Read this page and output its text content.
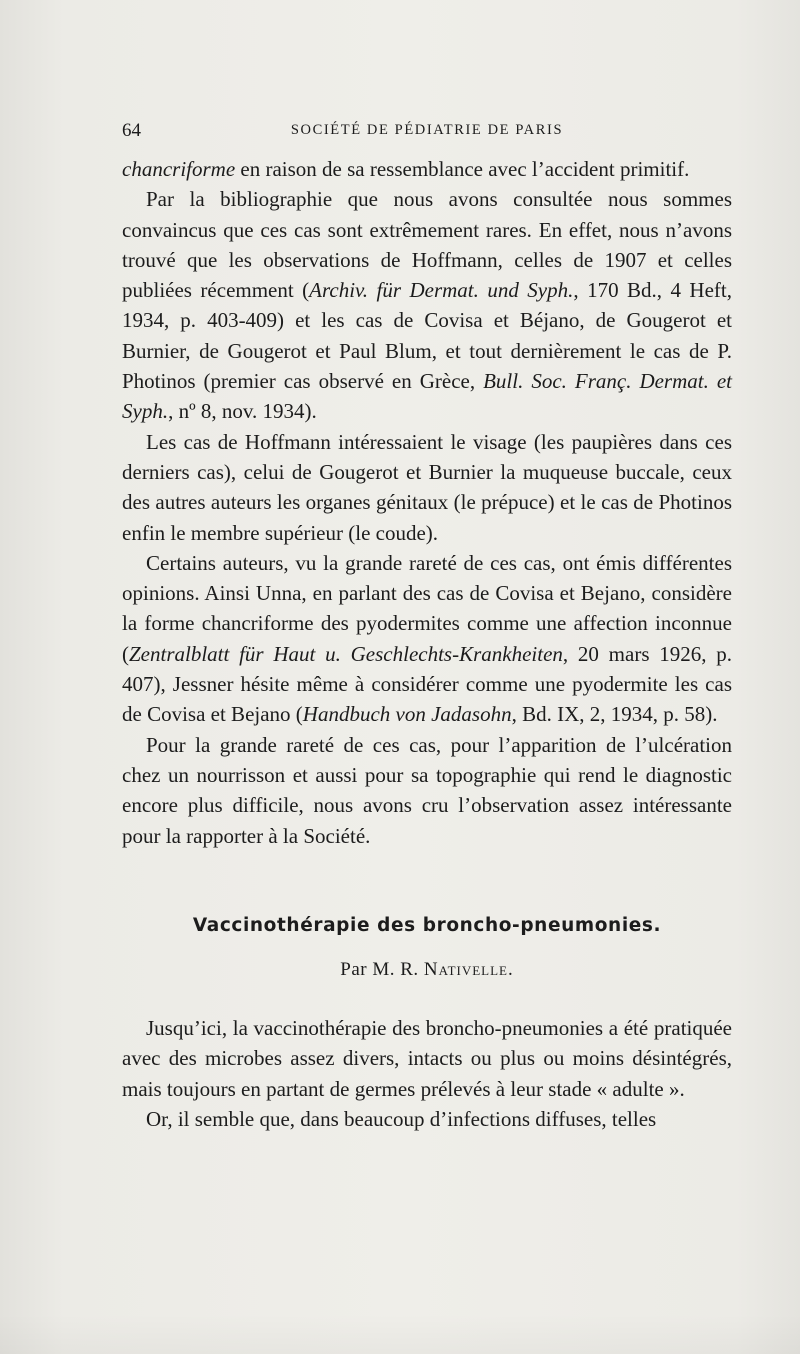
64	SOCIÉTÉ DE PÉDIATRIE DE PARIS

chancriforme en raison de sa ressemblance avec l’accident primitif.

Par la bibliographie que nous avons consultée nous sommes convaincus que ces cas sont extrêmement rares. En effet, nous n’avons trouvé que les observations de Hoffmann, celles de 1907 et celles publiées récemment (Archiv. für Dermat. und Syph., 170 Bd., 4 Heft, 1934, p. 403-409) et les cas de Covisa et Béjano, de Gougerot et Burnier, de Gougerot et Paul Blum, et tout dernièrement le cas de P. Photinos (premier cas observé en Grèce, Bull. Soc. Franç. Dermat. et Syph., nº 8, nov. 1934).

Les cas de Hoffmann intéressaient le visage (les paupières dans ces derniers cas), celui de Gougerot et Burnier la muqueuse buccale, ceux des autres auteurs les organes génitaux (le prépuce) et le cas de Photinos enfin le membre supérieur (le coude).

Certains auteurs, vu la grande rareté de ces cas, ont émis différentes opinions. Ainsi Unna, en parlant des cas de Covisa et Bejano, considère la forme chancriforme des pyodermites comme une affection inconnue (Zentralblatt für Haut u. Geschlechts-Krankheiten, 20 mars 1926, p. 407), Jessner hésite même à considérer comme une pyodermite les cas de Covisa et Bejano (Handbuch von Jadasohn, Bd. IX, 2, 1934, p. 58).

Pour la grande rareté de ces cas, pour l’apparition de l’ulcération chez un nourrisson et aussi pour sa topographie qui rend le diagnostic encore plus difficile, nous avons cru l’observation assez intéressante pour la rapporter à la Société.

Vaccinothérapie des broncho-pneumonies.
Par M. R. Nativelle.

Jusqu’ici, la vaccinothérapie des broncho-pneumonies a été pratiquée avec des microbes assez divers, intacts ou plus ou moins désintégrés, mais toujours en partant de germes prélevés à leur stade « adulte ».

Or, il semble que, dans beaucoup d’infections diffuses, telles
